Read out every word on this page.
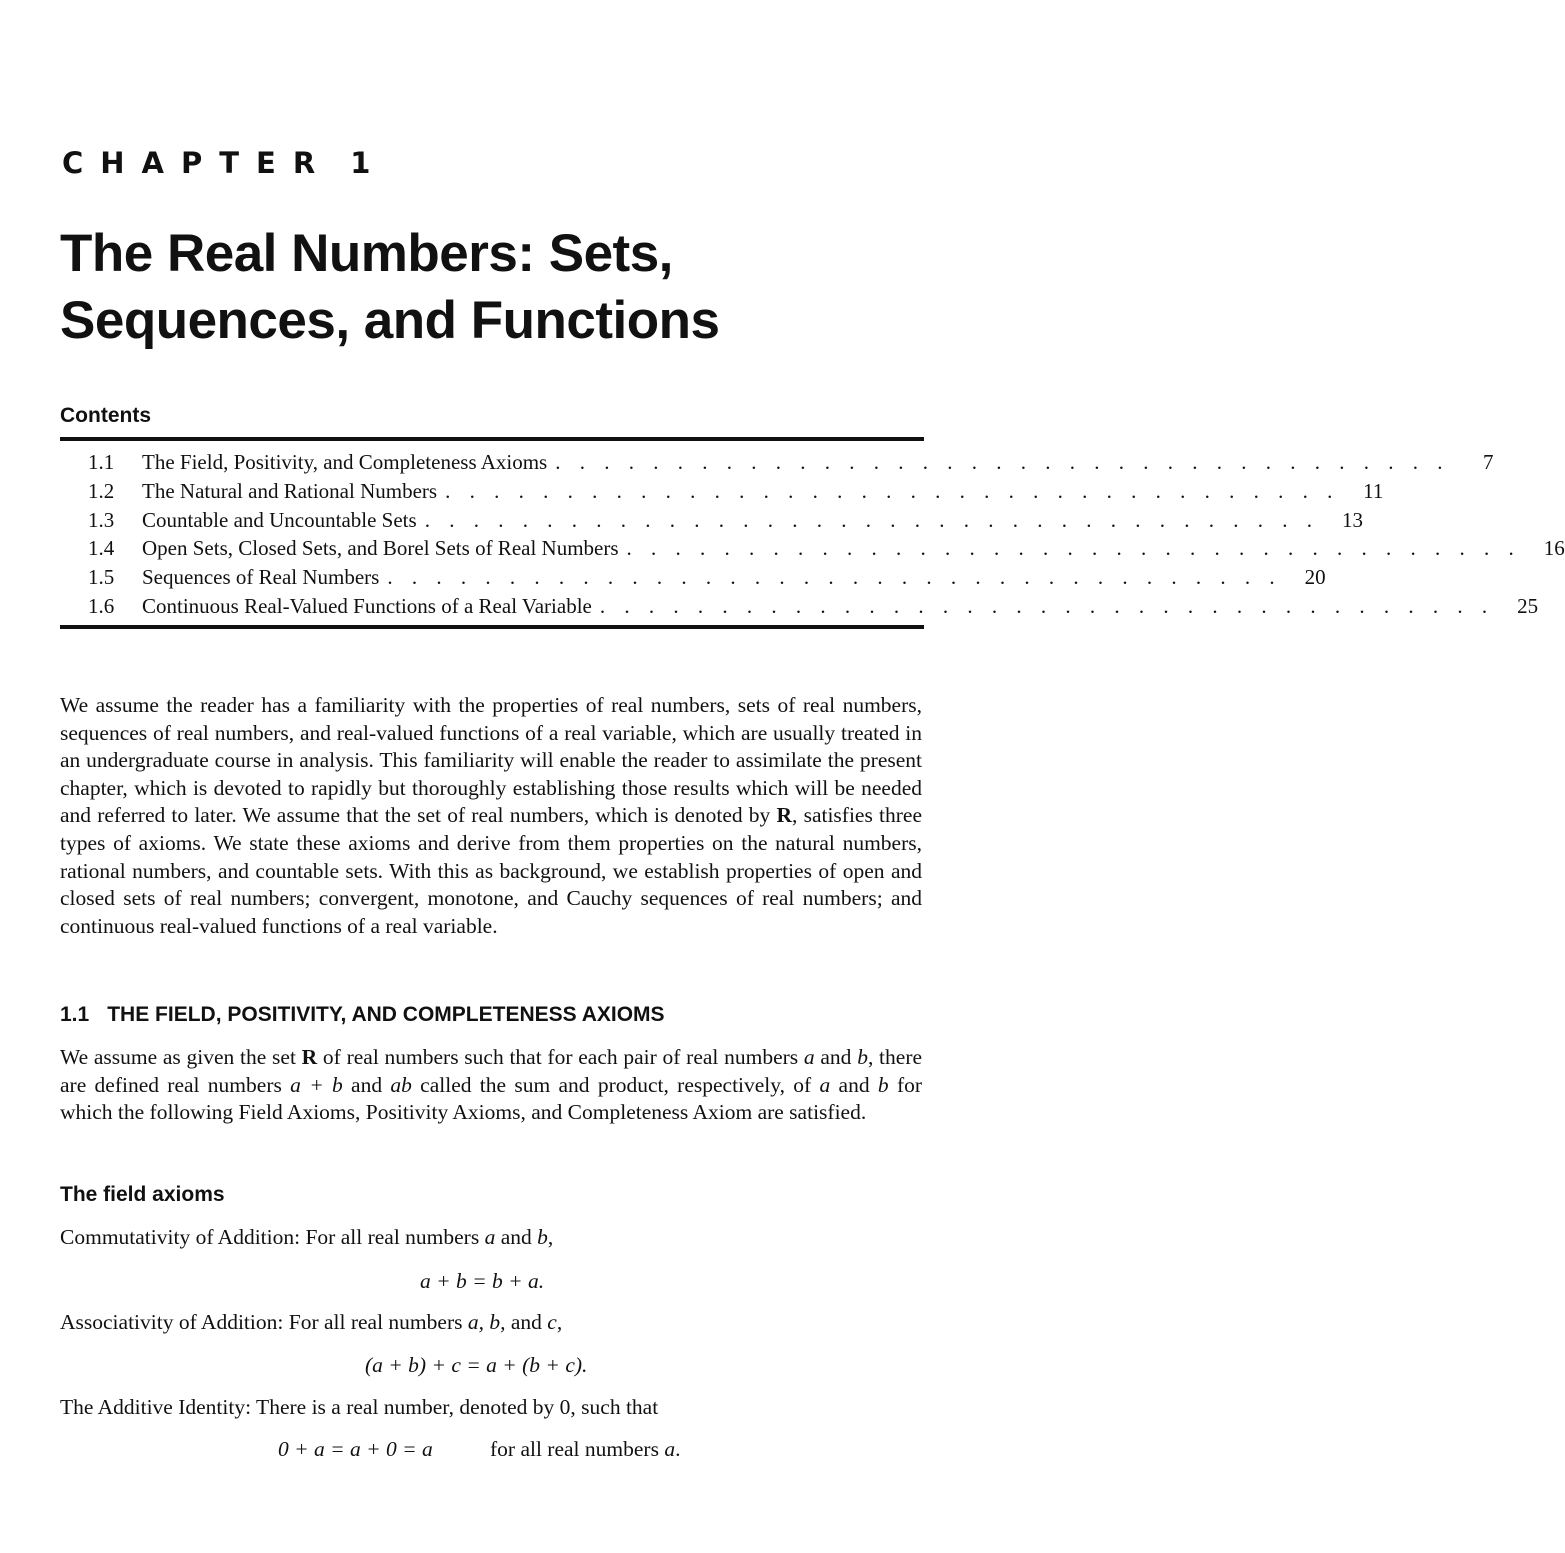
CHAPTER 1
The Real Numbers: Sets,
Sequences, and Functions
Contents
1.1	The Field, Positivity, and Completeness Axioms . . . . . . . . . . . . . . . . . . . . . . . . . . . . . . . . . . . . .	7
1.2	The Natural and Rational Numbers . . . . . . . . . . . . . . . . . . . . . . . . . . . . . . . . . . . . .	11
1.3	Countable and Uncountable Sets . . . . . . . . . . . . . . . . . . . . . . . . . . . . . . . . . . . . .	13
1.4	Open Sets, Closed Sets, and Borel Sets of Real Numbers . . . . . . . . . . . . . . . . . . . . . . . . . . . . . . . . . . . . .	16
1.5	Sequences of Real Numbers . . . . . . . . . . . . . . . . . . . . . . . . . . . . . . . . . . . . .	20
1.6	Continuous Real-Valued Functions of a Real Variable . . . . . . . . . . . . . . . . . . . . . . . . . . . . . . . . . . . . .	25
We assume the reader has a familiarity with the properties of real numbers, sets of real numbers, sequences of real numbers, and real-valued functions of a real variable, which are usually treated in an undergraduate course in analysis. This familiarity will enable the reader to assimilate the present chapter, which is devoted to rapidly but thoroughly establishing those results which will be needed and referred to later. We assume that the set of real numbers, which is denoted by R, satisfies three types of axioms. We state these axioms and derive from them properties on the natural numbers, rational numbers, and countable sets. With this as background, we establish properties of open and closed sets of real numbers; convergent, monotone, and Cauchy sequences of real numbers; and continuous real-valued functions of a real variable.
1.1 THE FIELD, POSITIVITY, AND COMPLETENESS AXIOMS
We assume as given the set R of real numbers such that for each pair of real numbers a and b, there are defined real numbers a + b and ab called the sum and product, respectively, of a and b for which the following Field Axioms, Positivity Axioms, and Completeness Axiom are satisfied.
The field axioms
Commutativity of Addition: For all real numbers a and b,
a + b = b + a.
Associativity of Addition: For all real numbers a, b, and c,
(a + b) + c = a + (b + c).
The Additive Identity: There is a real number, denoted by 0, such that
0 + a = a + 0 = a	for all real numbers a.
